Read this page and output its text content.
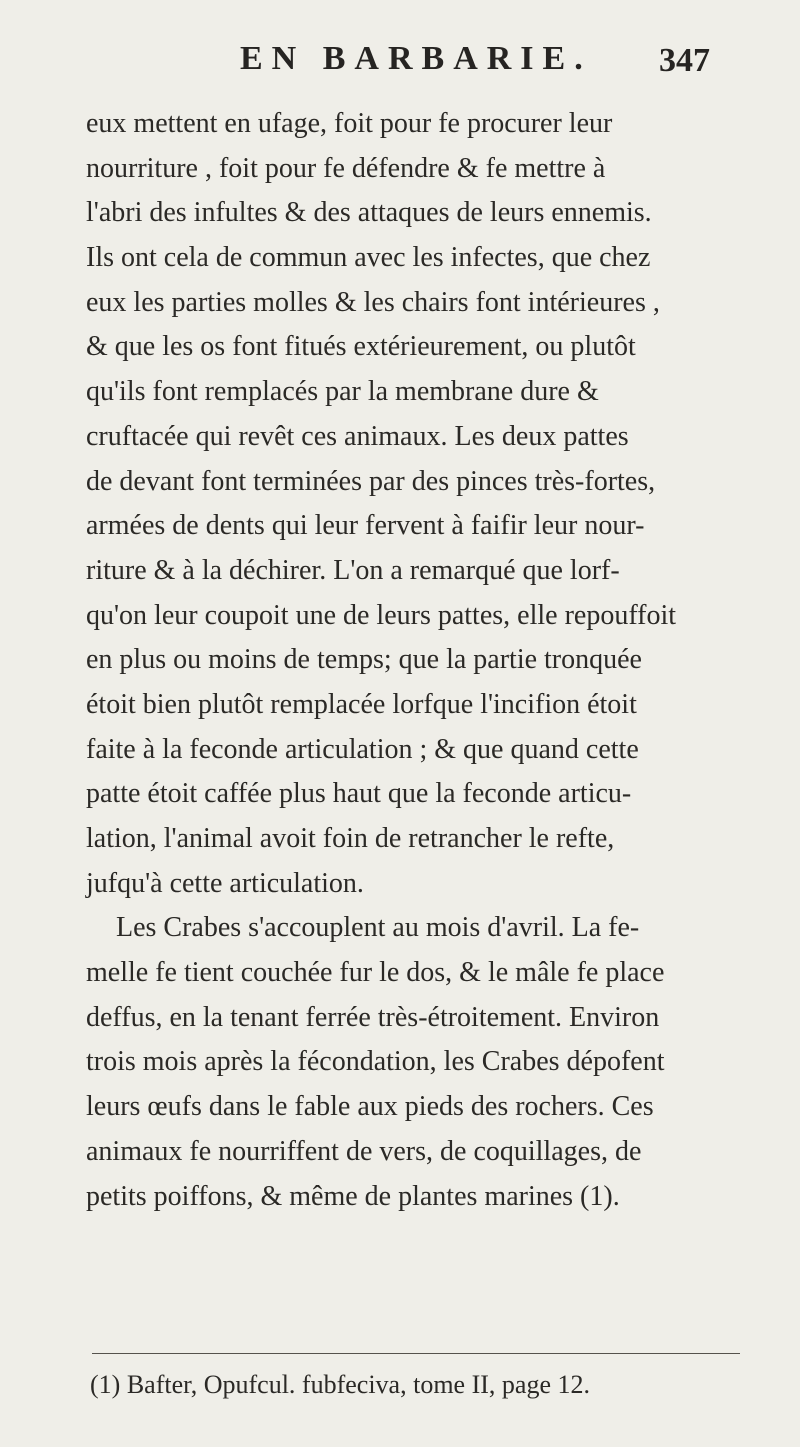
EN BARBARIE. 347
eux mettent en ufage, foit pour fe procurer leur
nourriture , foit pour fe défendre & fe mettre à
l'abri des infultes & des attaques de leurs ennemis.
Ils ont cela de commun avec les infectes, que chez
eux les parties molles & les chairs font intérieures ,
& que les os font fitués extérieurement, ou plutôt
qu'ils font remplacés par la membrane dure &
cruftacée qui revêt ces animaux. Les deux pattes
de devant font terminées par des pinces très-fortes,
armées de dents qui leur fervent à faifir leur nour-
riture & à la déchirer. L'on a remarqué que lorf-
qu'on leur coupoit une de leurs pattes, elle repouffoit
en plus ou moins de temps; que la partie tronquée
étoit bien plutôt remplacée lorfque l'incifion étoit
faite à la feconde articulation ; & que quand cette
patte étoit caffée plus haut que la feconde articu-
lation, l'animal avoit foin de retrancher le refte,
jufqu'à cette articulation.
Les Crabes s'accouplent au mois d'avril. La fe-
melle fe tient couchée fur le dos, & le mâle fe place
deffus, en la tenant ferrée très-étroitement. Environ
trois mois après la fécondation, les Crabes dépofent
leurs œufs dans le fable aux pieds des rochers. Ces
animaux fe nourriffent de vers, de coquillages, de
petits poiffons, & même de plantes marines (1).
(1) Bafter, Opufcul. fubfeciva, tome II, page 12.
